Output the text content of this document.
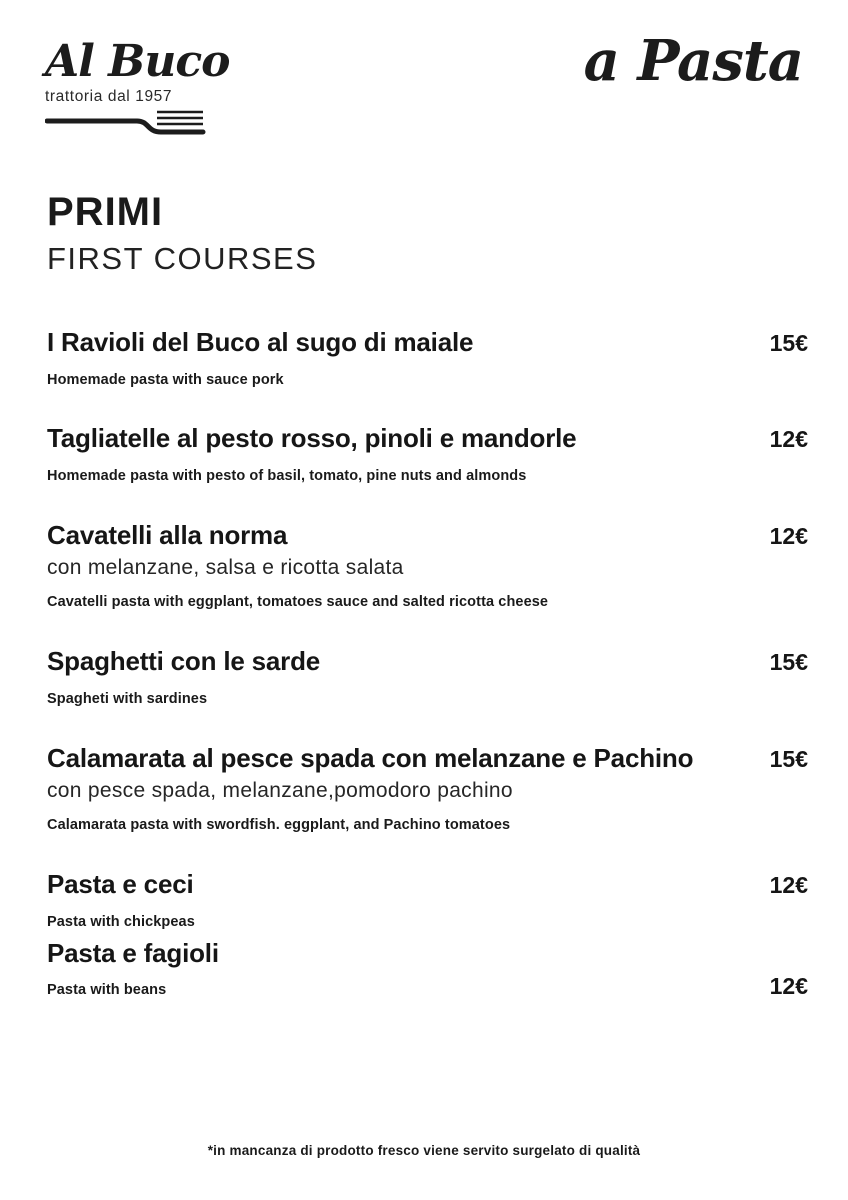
Al Buco
trattoria dal 1957
a Pasta
PRIMI
FIRST COURSES
I Ravioli del Buco al sugo di maiale	15€
Homemade pasta with sauce pork
Tagliatelle al pesto rosso, pinoli e mandorle	12€
Homemade pasta with pesto of basil, tomato, pine nuts and almonds
Cavatelli alla norma	12€
con melanzane, salsa e ricotta salata
Cavatelli pasta with eggplant, tomatoes sauce and salted ricotta cheese
Spaghetti con le sarde	15€
Spagheti with sardines
Calamarata al pesce spada con melanzane e Pachino	15€
con pesce spada, melanzane,pomodoro pachino
Calamarata pasta with swordfish. eggplant, and Pachino tomatoes
Pasta e ceci	12€
Pasta with chickpeas
Pasta e fagioli
Pasta with beans	12€
*in mancanza di prodotto fresco viene servito surgelato di qualità
